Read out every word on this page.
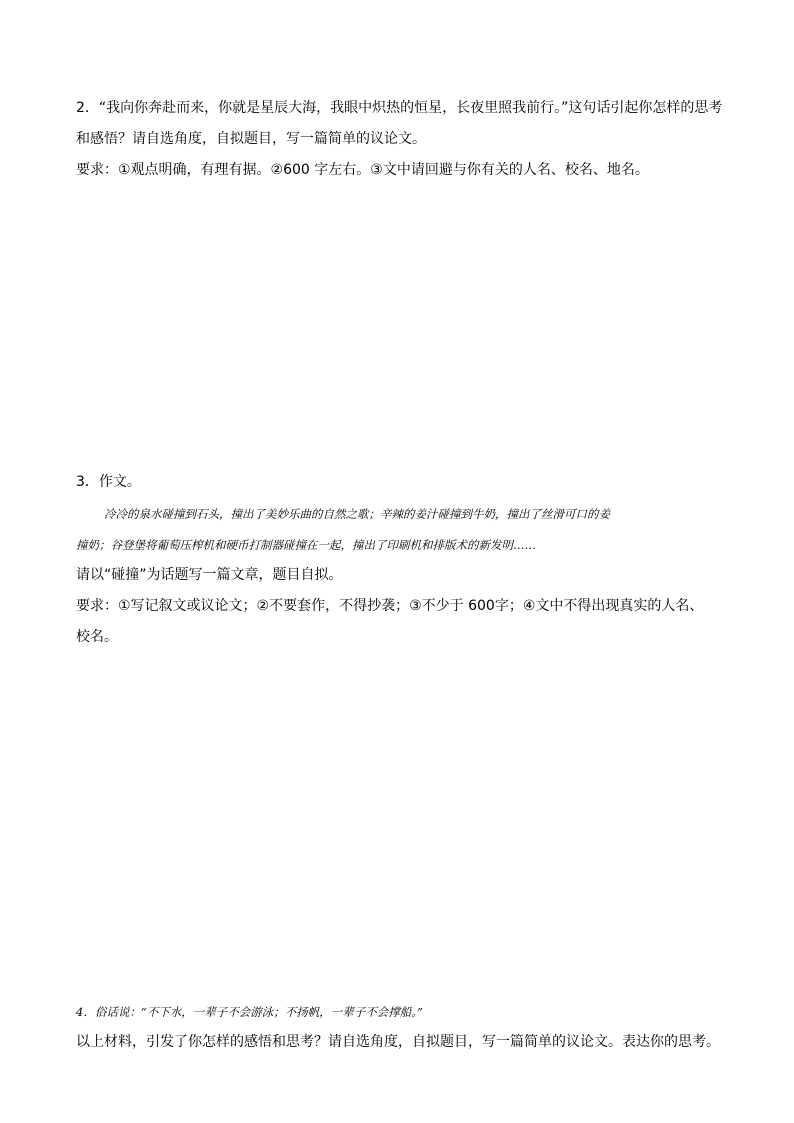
2．“我向你奔赴而来，你就是星辰大海，我眼中炽热的恒星，长夜里照我前行。”这句话引起你怎样的思考
和感悟？请自选角度，自拟题目，写一篇简单的议论文。
要求：①观点明确，有理有据。②600 字左右。③文中请回避与你有关的人名、校名、地名。
3．作文。
冷冷的泉水碰撞到石头，撞出了美妙乐曲的自然之歌；辛辣的姜汁碰撞到牛奶，撞出了丝滑可口的姜
撞奶；谷登堡将葡萄压榨机和硬币打制器碰撞在一起，撞出了印刷机和排版术的新发明……
请以“碰撞”为话题写一篇文章，题目自拟。
要求：①写记叙文或议论文；②不要套作，不得抄袭；③不少于 600字；④文中不得出现真实的人名、
校名。
4．俗话说：“不下水，一辈子不会游泳；不扬帆，一辈子不会撑船。”
以上材料，引发了你怎样的感悟和思考？请自选角度，自拟题目，写一篇简单的议论文。表达你的思考。
